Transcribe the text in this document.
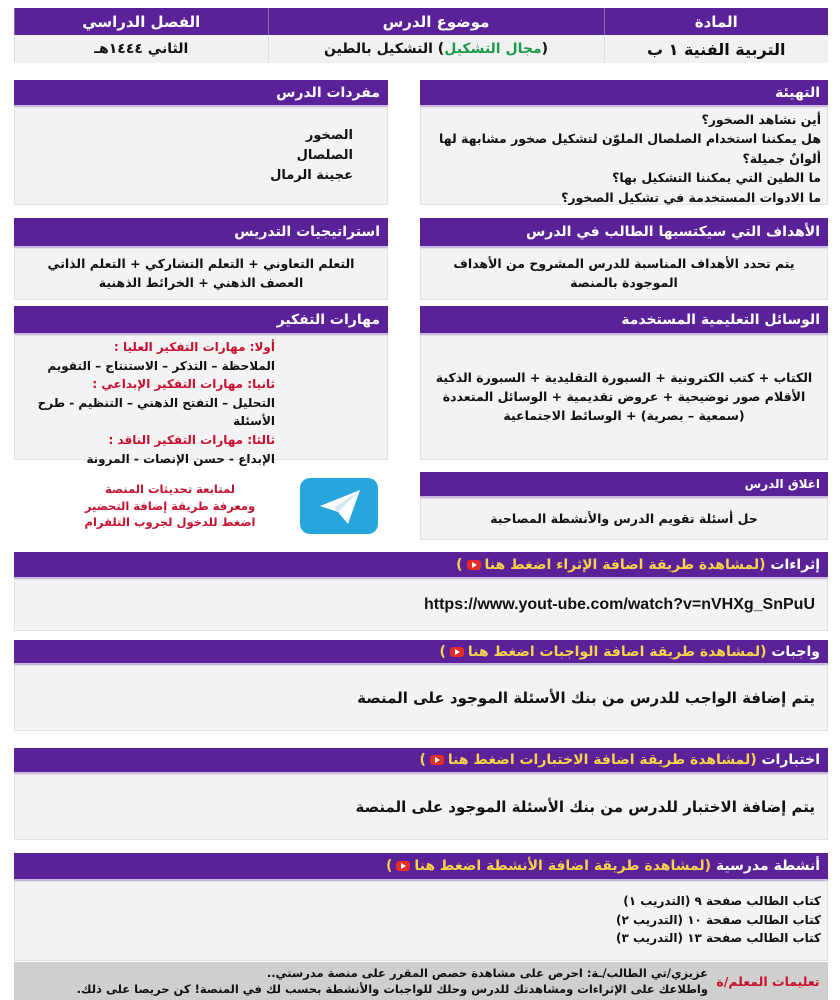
المادة	موضوع الدرس	الفصل الدراسي
التربية الفنية ١ ب	(مجال التشكيل) التشكيل بالطين	الثاني ١٤٤٤هـ
التهيئة
أين نشاهد الصخور؟
هل يمكننا استخدام الصلصال الملوّن لتشكيل صخور مشابهة لها ألوانٌ جميلة؟
ما الطين التي يمكننا التشكيل بها؟
ما الادوات المستخدمة في تشكيل الصخور؟
مفردات الدرس
الصخور
الصلصال
عجينة الرمال
الأهداف التي سيكتسبها الطالب في الدرس
يتم تحدد الأهداف المناسبة للدرس المشروح من الأهداف الموجودة بالمنصة
استراتيجيات التدريس
التعلم التعاوني + التعلم التشاركي + التعلم الذاتي
العصف الذهني + الخرائط الذهنية
الوسائل التعليمية المستخدمة
الكتاب + كتب الكترونية + السبورة التقليدية + السبورة الذكية
الأقلام صور توضيحية + عروض تقديمية + الوسائل المتعددة
(سمعية – بصرية) + الوسائط الاجتماعية
مهارات التفكير
أولا: مهارات التفكير العليا :
الملاحظة – التذكر – الاستنتاج – التقويم
ثانيا: مهارات التفكير الإبداعي :
التحليل – التفتح الذهني – التنظيم - طرح الأسئلة
ثالثا: مهارات التفكير الناقد :
الإبداع - حسن الإنصات - المرونة
لمتابعة تحديثات المنصة
ومعرفة طريقة إضافة التحضير
اضغط للدخول لجروب التلقرام
اغلاق الدرس
حل أسئلة تقويم الدرس والأنشطة المصاحبة
إثراءات

(لمشاهدة طريقة اضافة الإثراء اضغط هنا)
https://www.yout-ube.com/watch?v=nVHXg_SnPuU
واجبات

(لمشاهدة طريقة اضافة الواجبات اضغط هنا)
يتم إضافة الواجب للدرس من بنك الأسئلة الموجود على المنصة
اختبارات

(لمشاهدة طريقة اضافة الاختبارات اضغط هنا)
يتم إضافة الاختبار للدرس من بنك الأسئلة الموجود على المنصة
أنشطة مدرسية

(لمشاهدة طريقة اضافة الأنشطة اضغط هنا)
كتاب الطالب صفحة ٩ (التدريب ١)
كتاب الطالب صفحة ١٠ (التدريب ٢)
كتاب الطالب صفحة ١٣ (التدريب ٣)
تعليمات المعلم/ة
عزيزي/تي الطالب/ـة: احرص على مشاهدة حصص المقرر على منصة مدرستي..
واطلاعك على الإثراءات ومشاهدتك للدرس وحلك للواجبات والأنشطة بحسب لك في المنصة! كن حريصا على ذلك.
